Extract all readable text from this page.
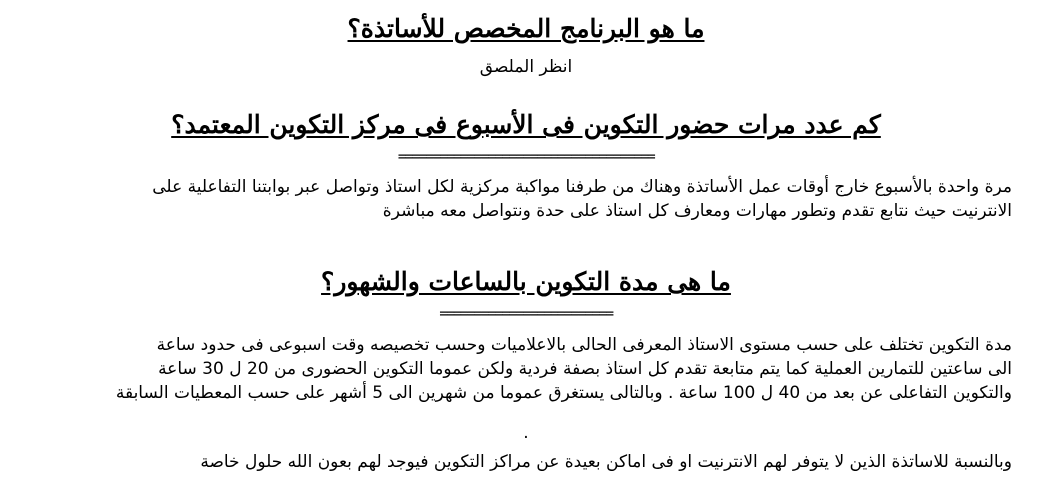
ما هو البرنامج المخصص للأساتذة؟

انظر الملصق

كم عدد مرات حضور التكوين فى الأسبوع فى مركز التكوين المعتمد؟
=====================================

مرة واحدة بالأسبوع خارج أوقات عمل الأساتذة وهناك من طرفنا مواكبة مركزية لكل استاذ وتواصل عبر بوابتنا التفاعلية على
الانترنيت حيث نتابع تقدم وتطور مهارات ومعارف كل استاذ على حدة ونتواصل معه مباشرة

ما هى مدة التكوين بالساعات والشهور؟
=========================

مدة التكوين تختلف على حسب مستوى الاستاذ المعرفى الحالى بالاعلاميات وحسب تخصيصه وقت اسبوعى فى حدود ساعة
الى ساعتين للتمارين العملية كما يتم متابعة تقدم كل استاذ بصفة فردية ولكن عموما التكوين الحضورى من 20 ل 30 ساعة
والتكوين التفاعلى عن بعد من 40 ل 100 ساعة . وبالتالى يستغرق عموما من شهرين الى 5 أشهر على حسب المعطيات السابقة

.

وبالنسبة للاساتذة الذين لا يتوفر لهم الانترنيت او فى اماكن بعيدة عن مراكز التكوين فيوجد لهم بعون الله حلول خاصة
